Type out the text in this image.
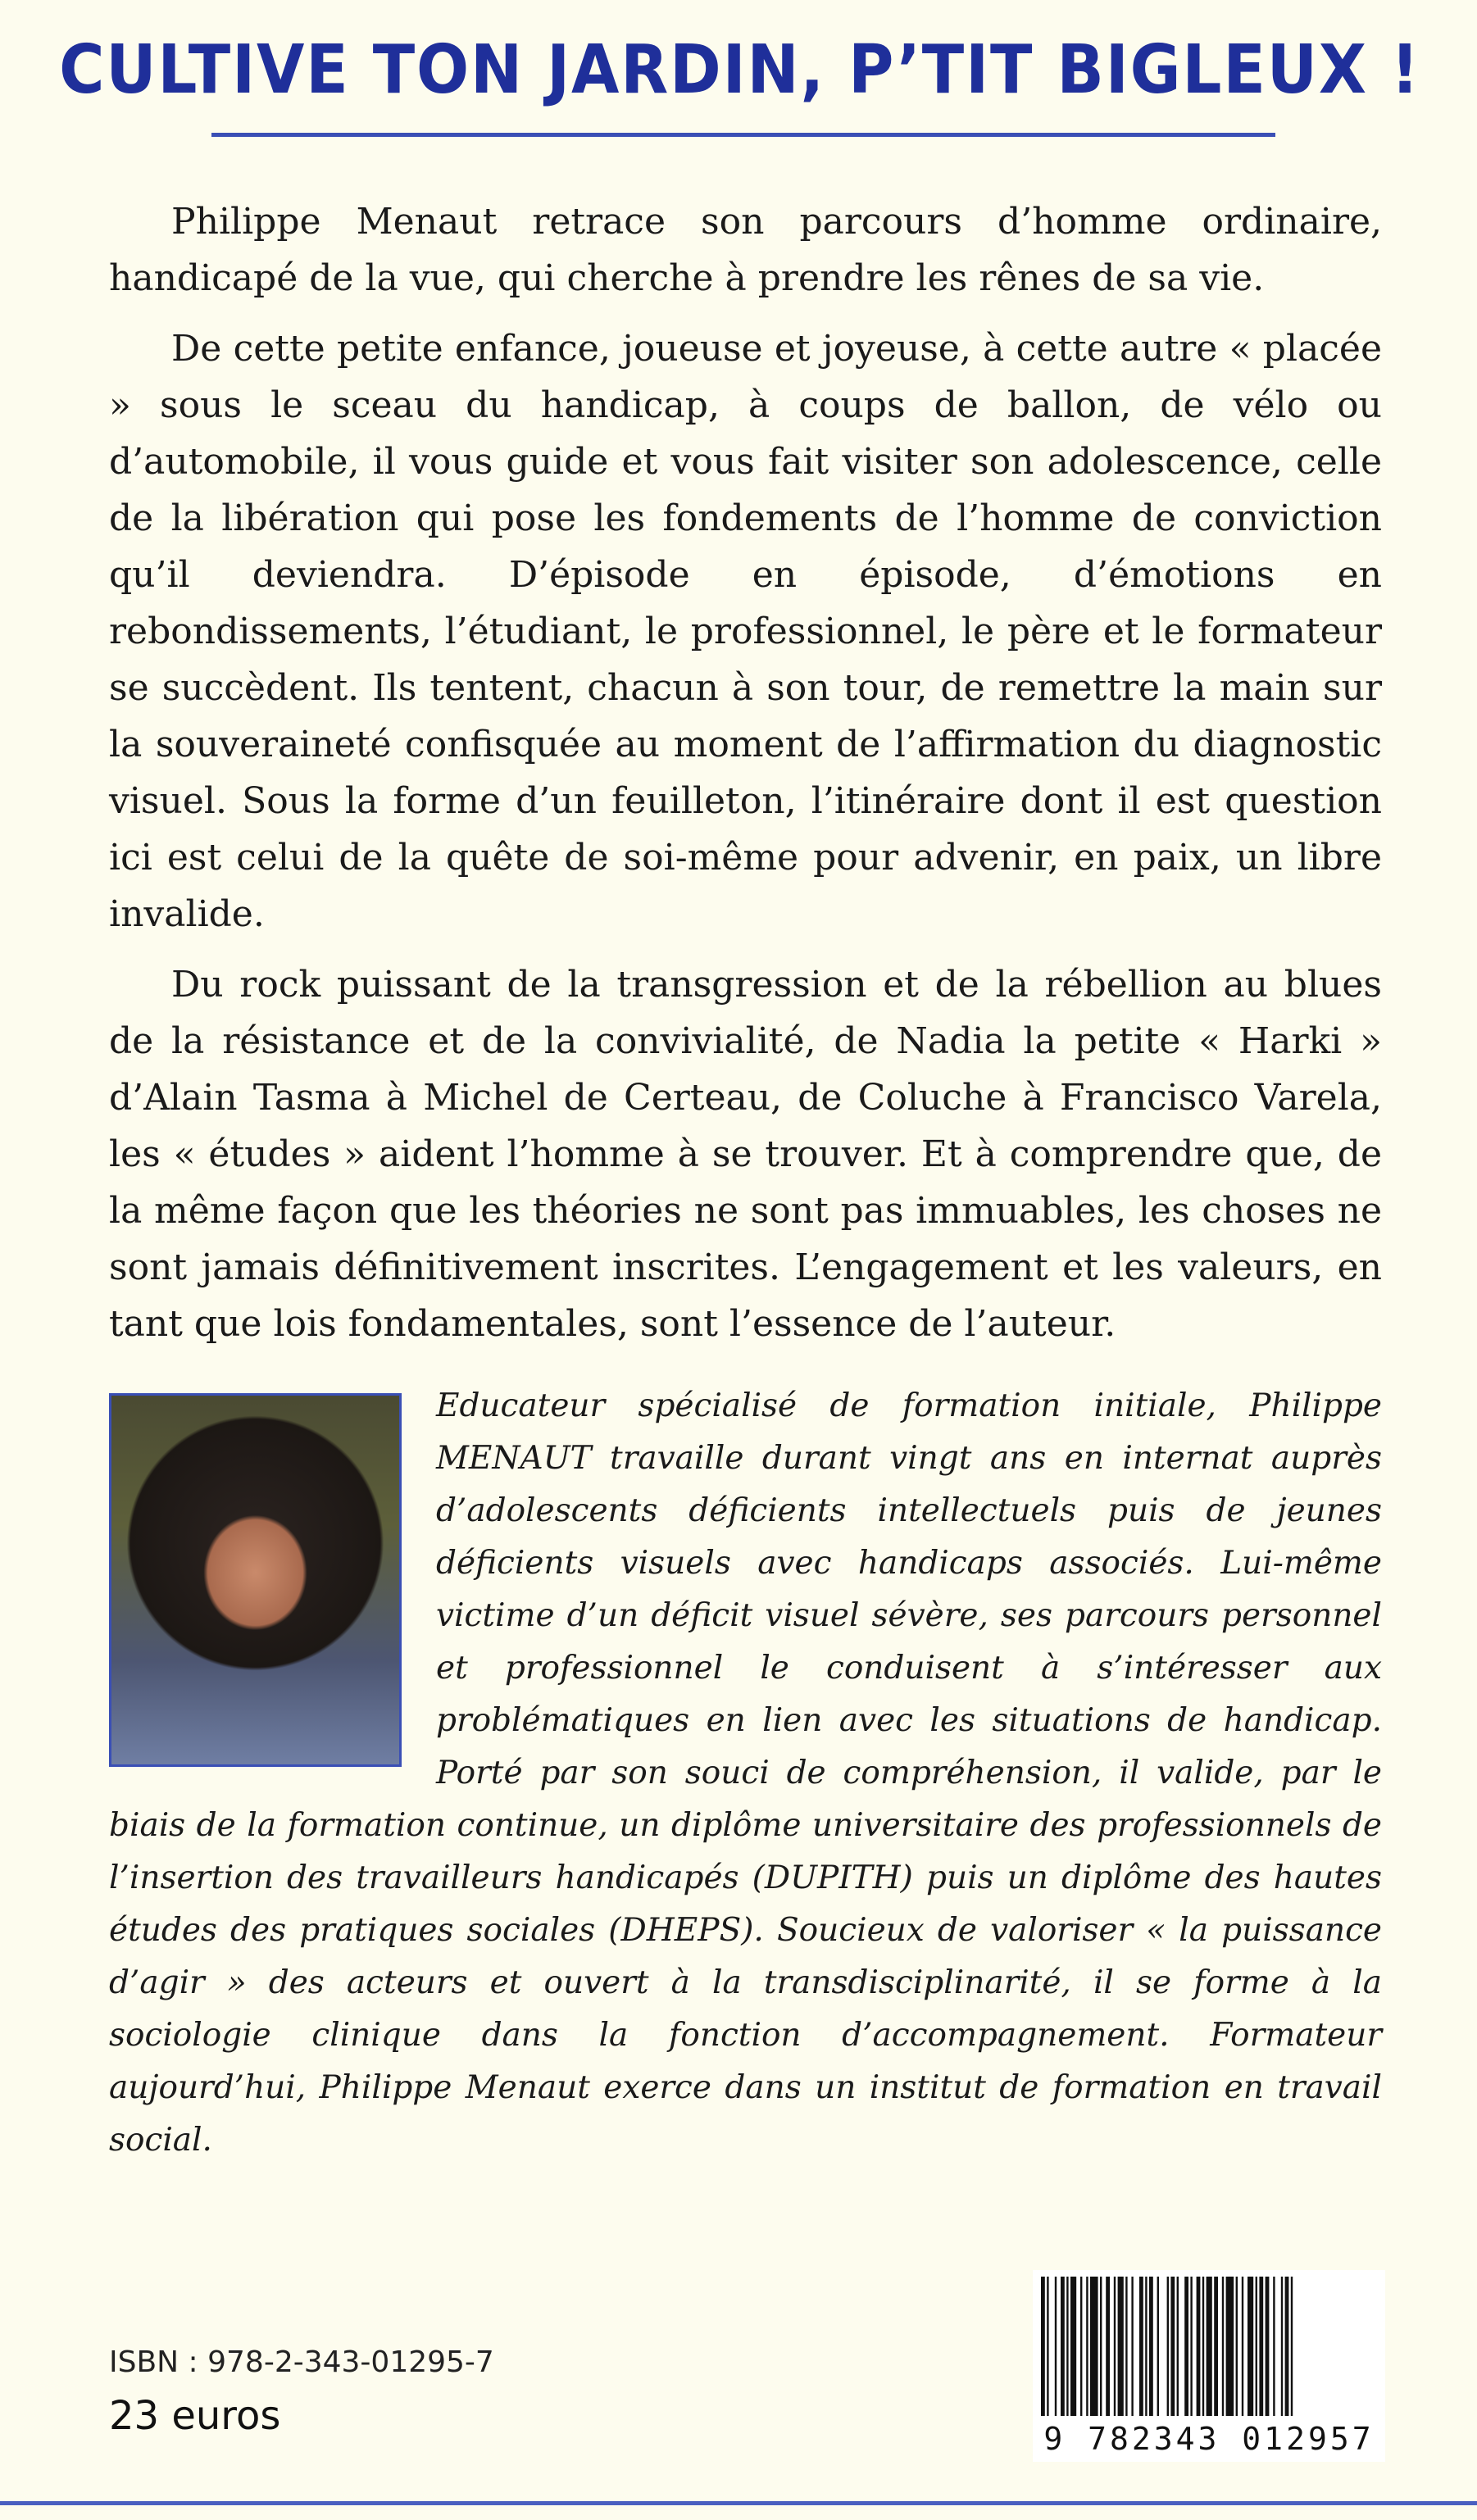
CULTIVE TON JARDIN, P’TIT BIGLEUX !

Philippe Menaut retrace son parcours d’homme ordinaire, handicapé de la vue, qui cherche à prendre les rênes de sa vie.

De cette petite enfance, joueuse et joyeuse, à cette autre « placée » sous le sceau du handicap, à coups de ballon, de vélo ou d’automobile, il vous guide et vous fait visiter son adolescence, celle de la libération qui pose les fondements de l’homme de conviction qu’il deviendra. D’épisode en épisode, d’émotions en rebondissements, l’étudiant, le professionnel, le père et le formateur se succèdent. Ils tentent, chacun à son tour, de remettre la main sur la souveraineté confisquée au moment de l’affirmation du diagnostic visuel. Sous la forme d’un feuilleton, l’itinéraire dont il est question ici est celui de la quête de soi-même pour advenir, en paix, un libre invalide.

Du rock puissant de la transgression et de la rébellion au blues de la résistance et de la convivialité, de Nadia la petite « Harki » d’Alain Tasma à Michel de Certeau, de Coluche à Francisco Varela, les « études » aident l’homme à se trouver. Et à comprendre que, de la même façon que les théories ne sont pas immuables, les choses ne sont jamais définitivement inscrites. L’engagement et les valeurs, en tant que lois fondamentales, sont l’essence de l’auteur.

Educateur spécialisé de formation initiale, Philippe MENAUT travaille durant vingt ans en internat auprès d’adolescents déficients intellectuels puis de jeunes déficients visuels avec handicaps associés. Lui-même victime d’un déficit visuel sévère, ses parcours personnel et professionnel le conduisent à s’intéresser aux problématiques en lien avec les situations de handicap. Porté par son souci de compréhension, il valide, par le biais de la formation continue, un diplôme universitaire des professionnels de l’insertion des travailleurs handicapés (DUPITH) puis un diplôme des hautes études des pratiques sociales (DHEPS). Soucieux de valoriser « la puissance d’agir » des acteurs et ouvert à la transdisciplinarité, il se forme à la sociologie clinique dans la fonction d’accompagnement. Formateur aujourd’hui, Philippe Menaut exerce dans un institut de formation en travail social.

ISBN : 978-2-343-01295-7

23 euros	9 782343 012957
